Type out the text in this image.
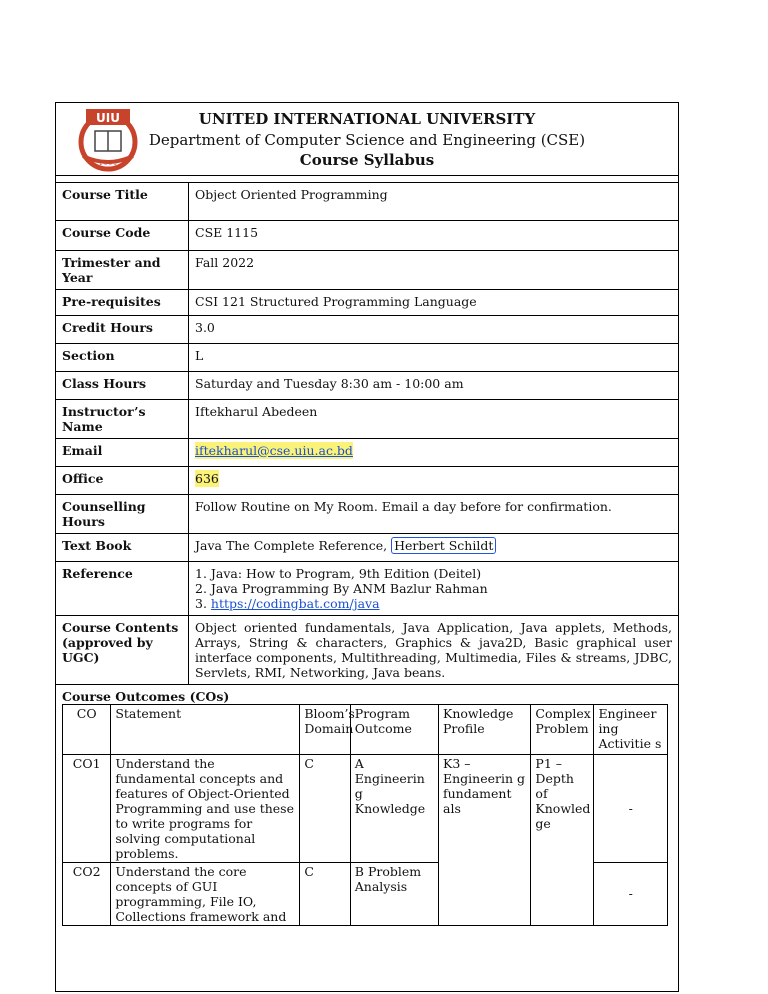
UIU
2 0 0 3
UNITED INTERNATIONAL UNIVERSITY
Department of Computer Science and Engineering (CSE)
Course Syllabus
Course Title	Object Oriented Programming
Course Code	CSE 1115
Trimester and Year	Fall 2022
Pre-requisites	CSI 121 Structured Programming Language
Credit Hours	3.0
Section	L
Class Hours	Saturday and Tuesday 8:30 am - 10:00 am
Instructor’s Name	Iftekharul Abedeen
Email	iftekharul@cse.uiu.ac.bd
Office	636
Counselling Hours	Follow Routine on My Room. Email a day before for confirmation.
Text Book	Java The Complete Reference, Herbert Schildt
Reference	1. Java: How to Program, 9th Edition (Deitel)
2. Java Programming By ANM Bazlur Rahman
3. https://codingbat.com/java

Course Contents (approved by UGC)	Object oriented fundamentals, Java Application, Java applets, Methods, Arrays, String & characters, Graphics & java2D, Basic graphical user interface components, Multithreading, Multimedia, Files & streams, JDBC, Servlets, RMI, Networking, Java beans.
Course Outcomes (COs)
CO	Statement	Bloom’s Domain	Program Outcome	Knowledge Profile	Complex Problem	Engineer ing Activitie s
CO1	Understand the fundamental concepts and features of Object-Oriented Programming and use these to write programs for solving computational problems.	C	A Engineerin g Knowledge	K3 – Engineerin g fundament als	P1 – Depth of Knowled ge	-
CO2	Understand the core concepts of GUI programming, File IO, Collections framework and	C	B Problem Analysis			-
